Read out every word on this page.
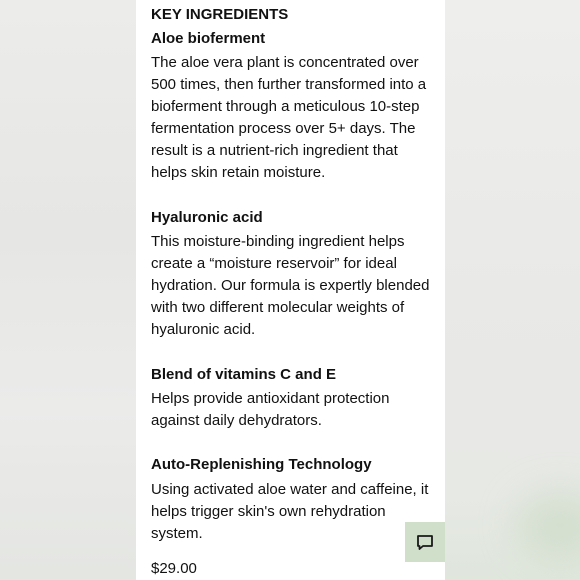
KEY INGREDIENTS
Aloe bioferment
The aloe vera plant is concentrated over
500 times, then further transformed into a
bioferment through a meticulous 10-step
fermentation process over 5+ days. The
result is a nutrient-rich ingredient that
helps skin retain moisture.
Hyaluronic acid
This moisture-binding ingredient helps
create a “moisture reservoir” for ideal
hydration. Our formula is expertly blended
with two different molecular weights of
hyaluronic acid.
Blend of vitamins C and E
Helps provide antioxidant protection
against daily dehydrators.
Auto-Replenishing Technology
Using activated aloe water and caffeine, it
helps trigger skin's own rehydration
system.
$29.00
